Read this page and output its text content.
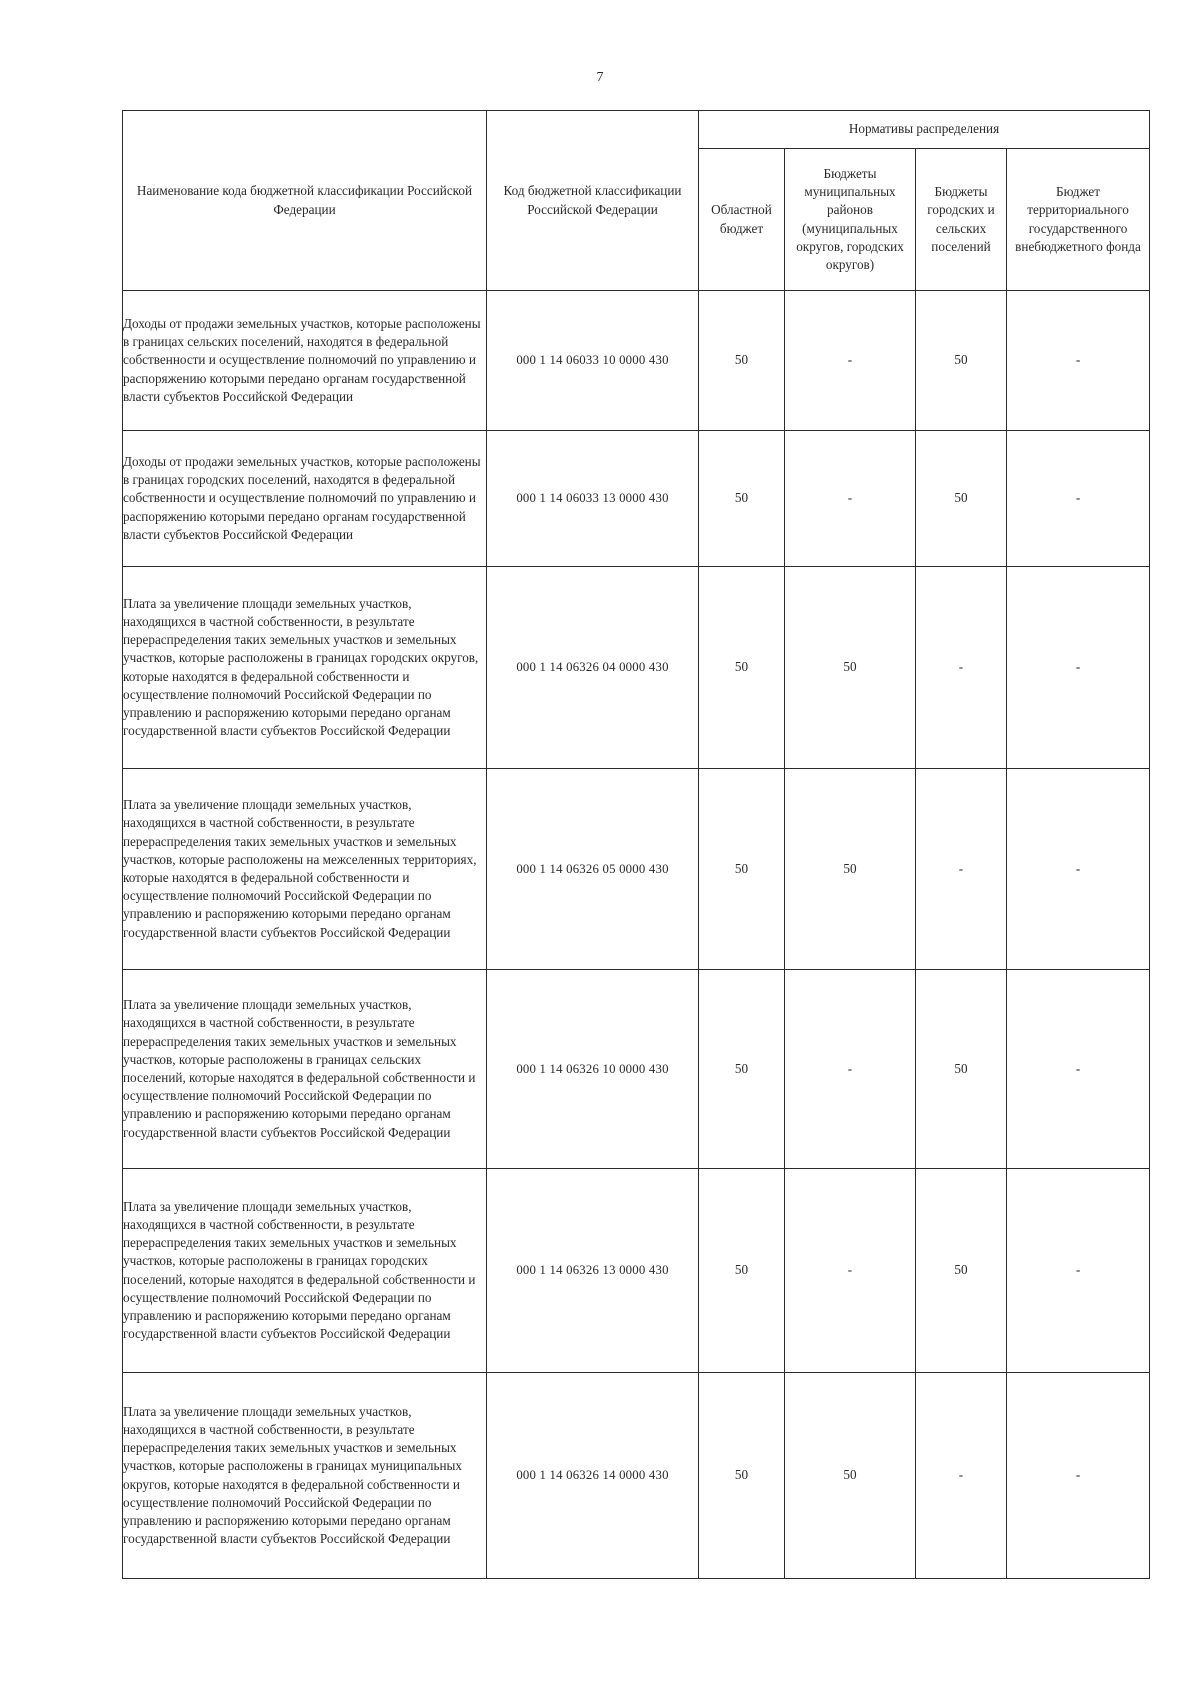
7
Наименование кода бюджетной классификации Российской Федерации	Код бюджетной классификации Российской Федерации	Нормативы распределения			
		Областной бюджет	Бюджеты муниципальных районов (муниципальных округов, городских округов)	Бюджеты городских и сельских поселений	Бюджет территориального государственного внебюджетного фонда
Доходы от продажи земельных участков, которые расположены в границах сельских поселений, находятся в федеральной собственности и осуществление полномочий по управлению и распоряжению которыми передано органам государственной власти субъектов Российской Федерации	000 1 14 06033 10 0000 430	50	-	50	-
Доходы от продажи земельных участков, которые расположены в границах городских поселений, находятся в федеральной собственности и осуществление полномочий по управлению и распоряжению которыми передано органам государственной власти субъектов Российской Федерации	000 1 14 06033 13 0000 430	50	-	50	-
Плата за увеличение площади земельных участков, находящихся в частной собственности, в результате перераспределения таких земельных участков и земельных участков, которые расположены в границах городских округов, которые находятся в федеральной собственности и осуществление полномочий Российской Федерации по управлению и распоряжению которыми передано органам государственной власти субъектов Российской Федерации	000 1 14 06326 04 0000 430	50	50	-	-
Плата за увеличение площади земельных участков, находящихся в частной собственности, в результате перераспределения таких земельных участков и земельных участков, которые расположены на межселенных территориях, которые находятся в федеральной собственности и осуществление полномочий Российской Федерации по управлению и распоряжению которыми передано органам государственной власти субъектов Российской Федерации	000 1 14 06326 05 0000 430	50	50	-	-
Плата за увеличение площади земельных участков, находящихся в частной собственности, в результате перераспределения таких земельных участков и земельных участков, которые расположены в границах сельских поселений, которые находятся в федеральной собственности и осуществление полномочий Российской Федерации по управлению и распоряжению которыми передано органам государственной власти субъектов Российской Федерации	000 1 14 06326 10 0000 430	50	-	50	-
Плата за увеличение площади земельных участков, находящихся в частной собственности, в результате перераспределения таких земельных участков и земельных участков, которые расположены в границах городских поселений, которые находятся в федеральной собственности и осуществление полномочий Российской Федерации по управлению и распоряжению которыми передано органам государственной власти субъектов Российской Федерации	000 1 14 06326 13 0000 430	50	-	50	-
Плата за увеличение площади земельных участков, находящихся в частной собственности, в результате перераспределения таких земельных участков и земельных участков, которые расположены в границах муниципальных округов, которые находятся в федеральной собственности и осуществление полномочий Российской Федерации по управлению и распоряжению которыми передано органам государственной власти субъектов Российской Федерации	000 1 14 06326 14 0000 430	50	50	-	-
